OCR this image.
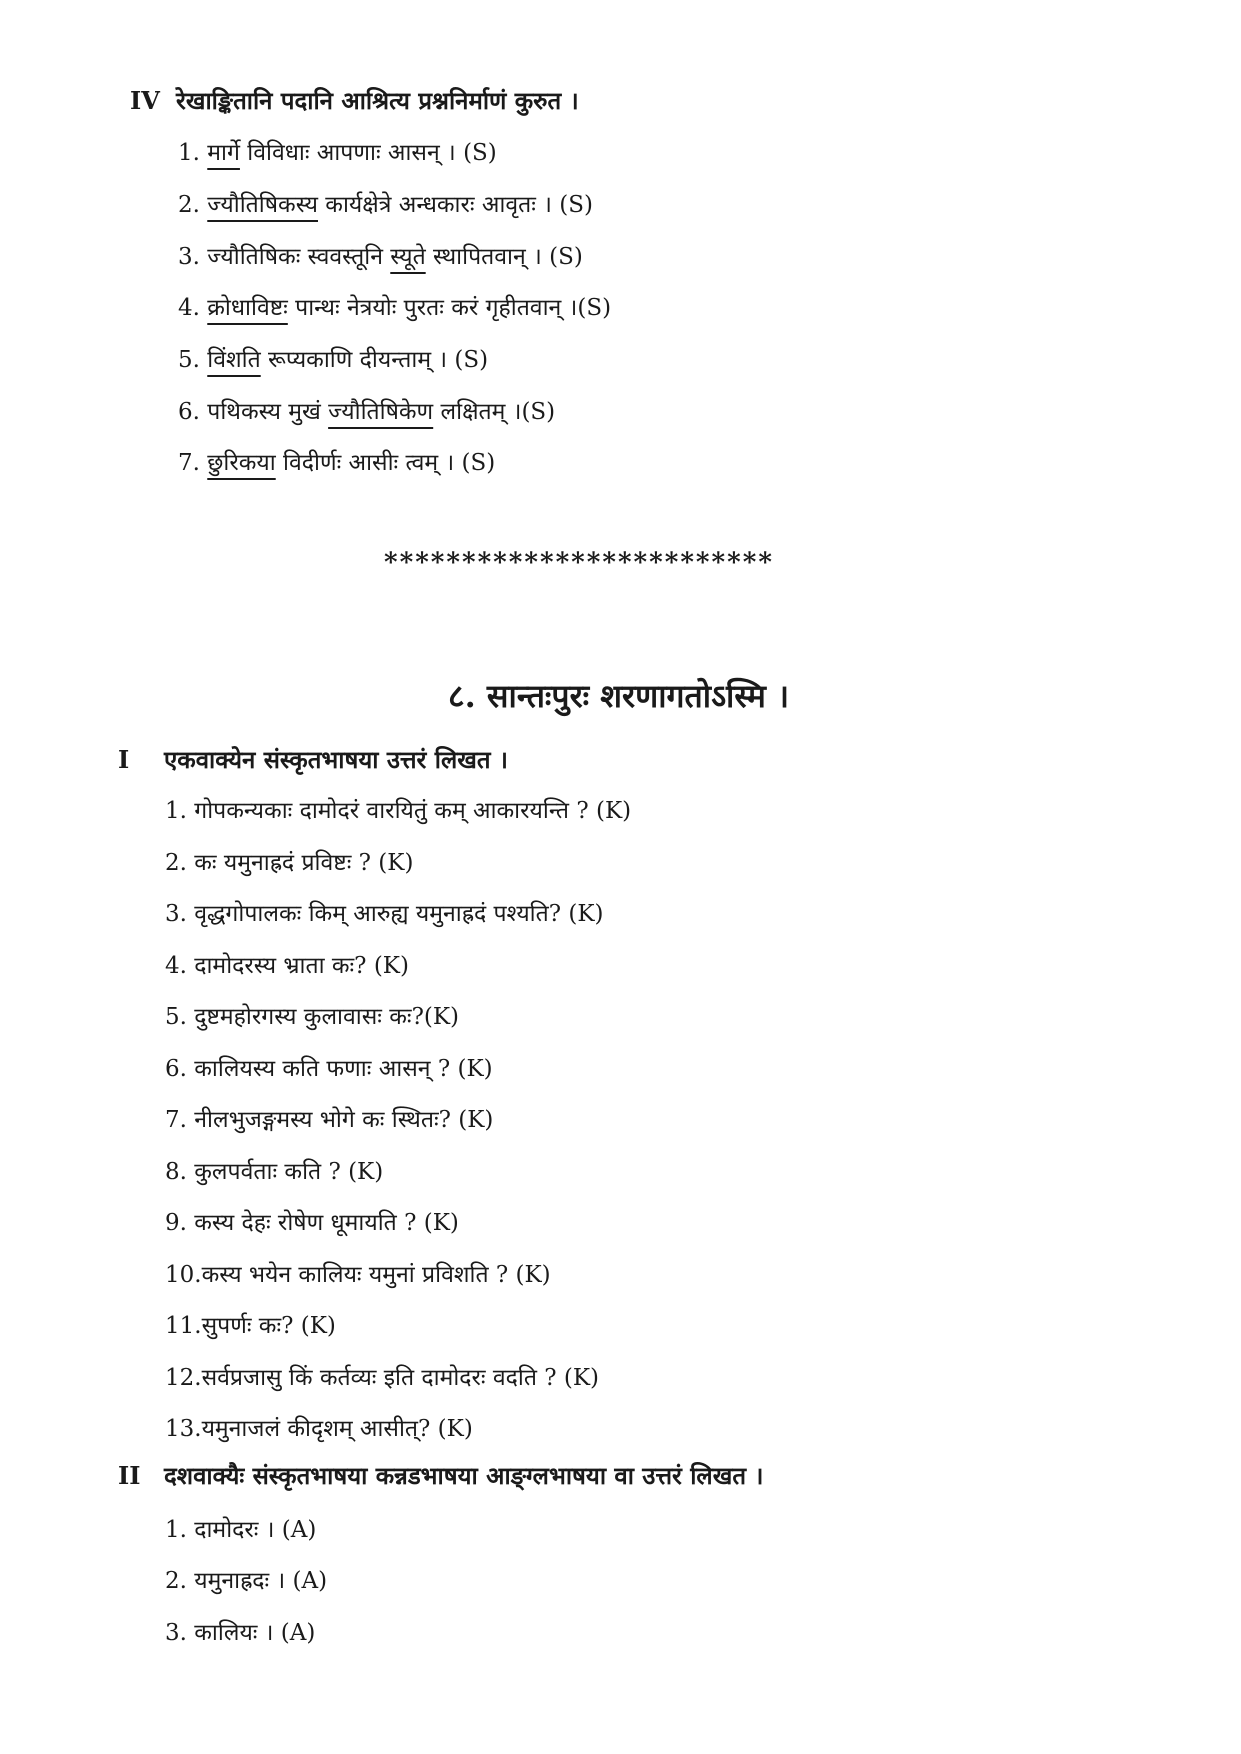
IV रेखाङ्कितानि पदानि आश्रित्य प्रश्ननिर्माणं कुरुत ।
1. मार्गे विविधाः आपणाः आसन् । (S)
2. ज्यौतिषिकस्य कार्यक्षेत्रे अन्धकारः आवृतः । (S)
3. ज्यौतिषिकः स्ववस्तूनि स्यूते स्थापितवान् । (S)
4. क्रोधाविष्टः पान्थः नेत्रयोः पुरतः करं गृहीतवान् ।(S)
5. विंशति रूप्यकाणि दीयन्ताम् । (S)
6. पथिकस्य मुखं ज्यौतिषिकेण लक्षितम् ।(S)
7. छुरिकया विदीर्णः आसीः त्वम् । (S)
*************************
८. सान्तःपुरः शरणागतोऽस्मि ।
I एकवाक्येन संस्कृतभाषया उत्तरं लिखत ।
1. गोपकन्यकाः दामोदरं वारयितुं कम् आकारयन्ति ? (K)
2. कः यमुनाह्रदं प्रविष्टः ? (K)
3. वृद्धगोपालकः किम् आरुह्य यमुनाह्रदं पश्यति? (K)
4. दामोदरस्य भ्राता कः? (K)
5. दुष्टमहोरगस्य कुलावासः कः?(K)
6. कालियस्य कति फणाः आसन् ? (K)
7. नीलभुजङ्गमस्य भोगे कः स्थितः? (K)
8. कुलपर्वताः कति ? (K)
9. कस्य देहः रोषेण धूमायति ? (K)
10.कस्य भयेन कालियः यमुनां प्रविशति ? (K)
11.सुपर्णः कः? (K)
12.सर्वप्रजासु किं कर्तव्यः इति दामोदरः वदति ? (K)
13.यमुनाजलं कीदृशम् आसीत्? (K)
II दशवाक्यैः संस्कृतभाषया कन्नडभाषया आङ्ग्लभाषया वा उत्तरं लिखत ।
1. दामोदरः । (A)
2. यमुनाह्रदः । (A)
3. कालियः । (A)
